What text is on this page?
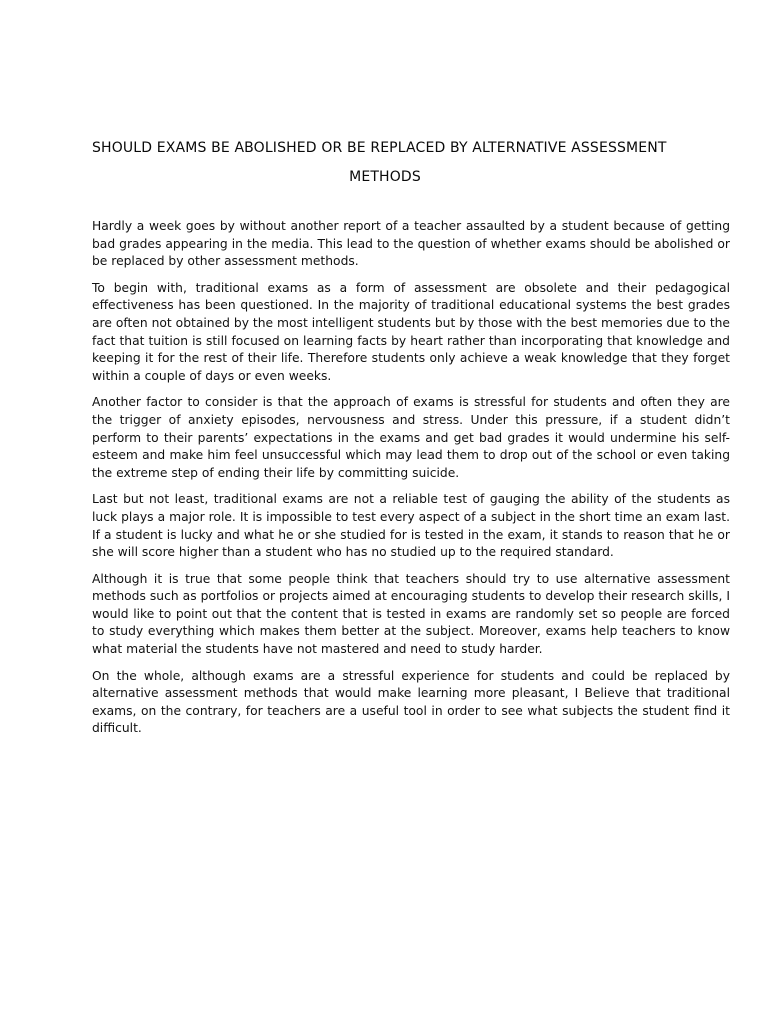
SHOULD EXAMS BE ABOLISHED OR BE REPLACED BY ALTERNATIVE ASSESSMENT
METHODS

Hardly a week goes by without another report of a teacher assaulted by a student because of getting bad grades appearing in the media. This lead to the question of whether exams should be abolished or be replaced by other assessment methods.

To begin with, traditional exams as a form of assessment are obsolete and their pedagogical effectiveness has been questioned. In the majority of traditional educational systems the best grades are often not obtained by the most intelligent students but by those with the best memories due to the fact that tuition is still focused on learning facts by heart rather than incorporating that knowledge and keeping it for the rest of their life. Therefore students only achieve a weak knowledge that they forget within a couple of days or even weeks.

Another factor to consider is that the approach of exams is stressful for students and often they are the trigger of anxiety episodes, nervousness and stress. Under this pressure, if a student didn’t perform to their parents’ expectations in the exams and get bad grades it would undermine his self-esteem and make him feel unsuccessful which may lead them to drop out of the school or even taking the extreme step of ending their life by committing suicide.

Last but not least, traditional exams are not a reliable test of gauging the ability of the students as luck plays a major role. It is impossible to test every aspect of a subject in the short time an exam last. If a student is lucky and what he or she studied for is tested in the exam, it stands to reason that he or she will score higher than a student who has no studied up to the required standard.

Although it is true that some people think that teachers should try to use alternative assessment methods such as portfolios or projects aimed at encouraging students to develop their research skills, I would like to point out that the content that is tested in exams are randomly set so people are forced to study everything which makes them better at the subject. Moreover, exams help teachers to know what material the students have not mastered and need to study harder.

On the whole, although exams are a stressful experience for students and could be replaced by alternative assessment methods that would make learning more pleasant, I Believe that traditional exams, on the contrary, for teachers are a useful tool in order to see what subjects the student find it difficult.
